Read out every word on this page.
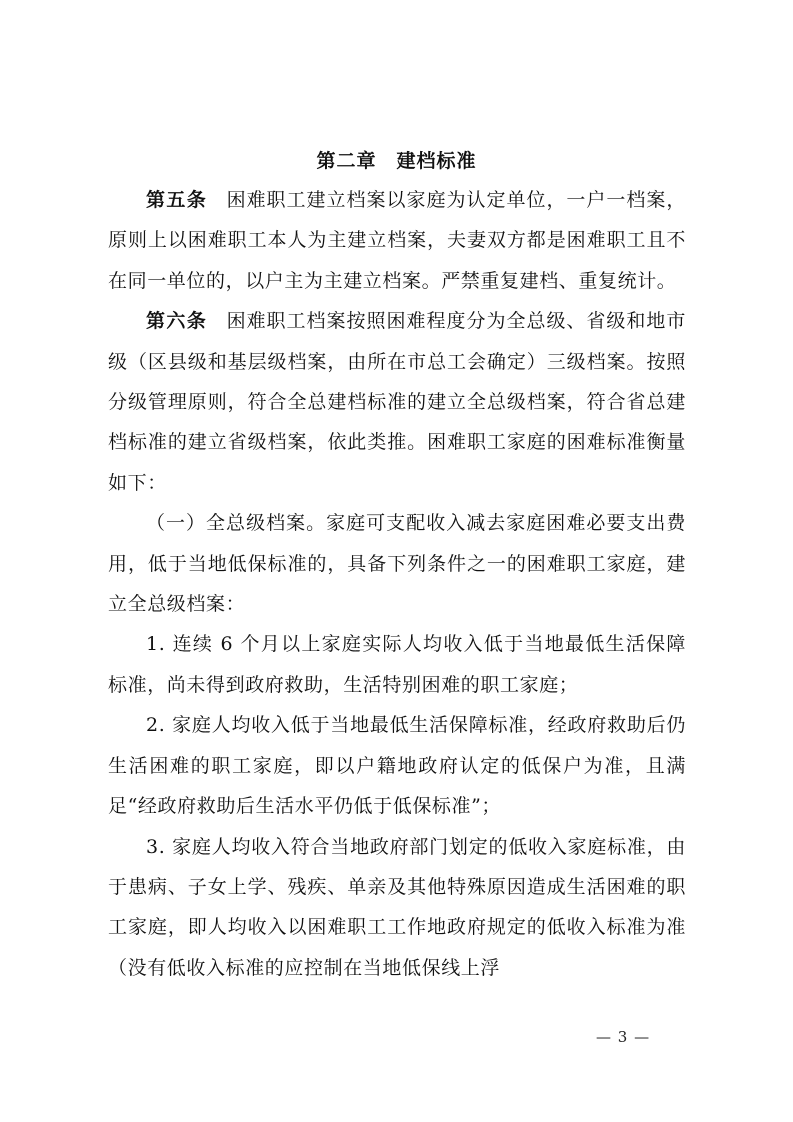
第二章　建档标准

第五条 困难职工建立档案以家庭为认定单位，一户一档案，原则上以困难职工本人为主建立档案，夫妻双方都是困难职工且不在同一单位的，以户主为主建立档案。严禁重复建档、重复统计。

第六条 困难职工档案按照困难程度分为全总级、省级和地市级（区县级和基层级档案，由所在市总工会确定）三级档案。按照分级管理原则，符合全总建档标准的建立全总级档案，符合省总建档标准的建立省级档案，依此类推。困难职工家庭的困难标准衡量如下：

（一）全总级档案。家庭可支配收入减去家庭困难必要支出费用，低于当地低保标准的，具备下列条件之一的困难职工家庭，建立全总级档案：

1. 连续 6 个月以上家庭实际人均收入低于当地最低生活保障标准，尚未得到政府救助，生活特别困难的职工家庭；

2. 家庭人均收入低于当地最低生活保障标准，经政府救助后仍生活困难的职工家庭，即以户籍地政府认定的低保户为准，且满足“经政府救助后生活水平仍低于低保标准”；

3. 家庭人均收入符合当地政府部门划定的低收入家庭标准，由于患病、子女上学、残疾、单亲及其他特殊原因造成生活困难的职工家庭，即人均收入以困难职工工作地政府规定的低收入标准为准（没有低收入标准的应控制在当地低保线上浮

— 3 —
